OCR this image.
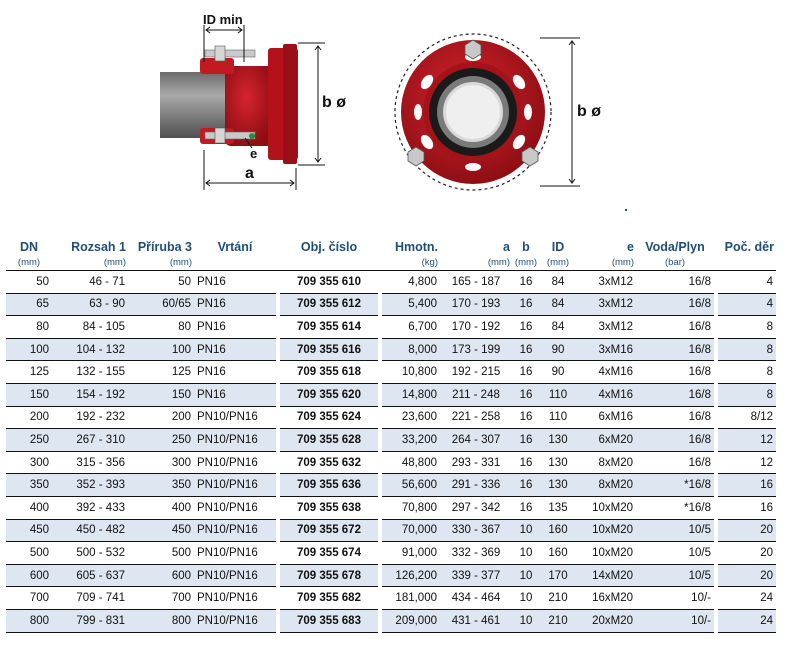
ID min
b ø
e
a
b ø
DN	Rozsah 1	Příruba 3	Vrtání		Obj. číslo		Hmotn.	a	b	ID	e	Voda/Plyn		Poč. děr
(mm)	(mm)	(mm)					(kg)	(mm)	(mm)	(mm)	(mm)	(bar)		
50	46 - 71	50	PN16		709 355 610		4,800	165 - 187	16	84	3xM12	16/8		4
65	63 - 90	60/65	PN16		709 355 612		5,400	170 - 193	16	84	3xM12	16/8		4
80	84 - 105	80	PN16		709 355 614		6,700	170 - 192	16	84	3xM12	16/8		8
100	104 - 132	100	PN16		709 355 616		8,000	173 - 199	16	90	3xM16	16/8		8
125	132 - 155	125	PN16		709 355 618		10,800	192 - 215	16	90	4xM16	16/8		8
150	154 - 192	150	PN16		709 355 620		14,800	211 - 248	16	110	4xM16	16/8		8
200	192 - 232	200	PN10/PN16		709 355 624		23,600	221 - 258	16	110	6xM16	16/8		8/12
250	267 - 310	250	PN10/PN16		709 355 628		33,200	264 - 307	16	130	6xM20	16/8		12
300	315 - 356	300	PN10/PN16		709 355 632		48,800	293 - 331	16	130	8xM20	16/8		12
350	352 - 393	350	PN10/PN16		709 355 636		56,600	291 - 336	16	130	8xM20	*16/8		16
400	392 - 433	400	PN10/PN16		709 355 638		70,800	297 - 342	16	135	10xM20	*16/8		16
450	450 - 482	450	PN10/PN16		709 355 672		70,000	330 - 367	10	160	10xM20	10/5		20
500	500 - 532	500	PN10/PN16		709 355 674		91,000	332 - 369	10	160	10xM20	10/5		20
600	605 - 637	600	PN10/PN16		709 355 678		126,200	339 - 377	10	170	14xM20	10/5		20
700	709 - 741	700	PN10/PN16		709 355 682		181,000	434 - 464	10	210	16xM20	10/-		24
800	799 - 831	800	PN10/PN16		709 355 683		209,000	431 - 461	10	210	20xM20	10/-		24
